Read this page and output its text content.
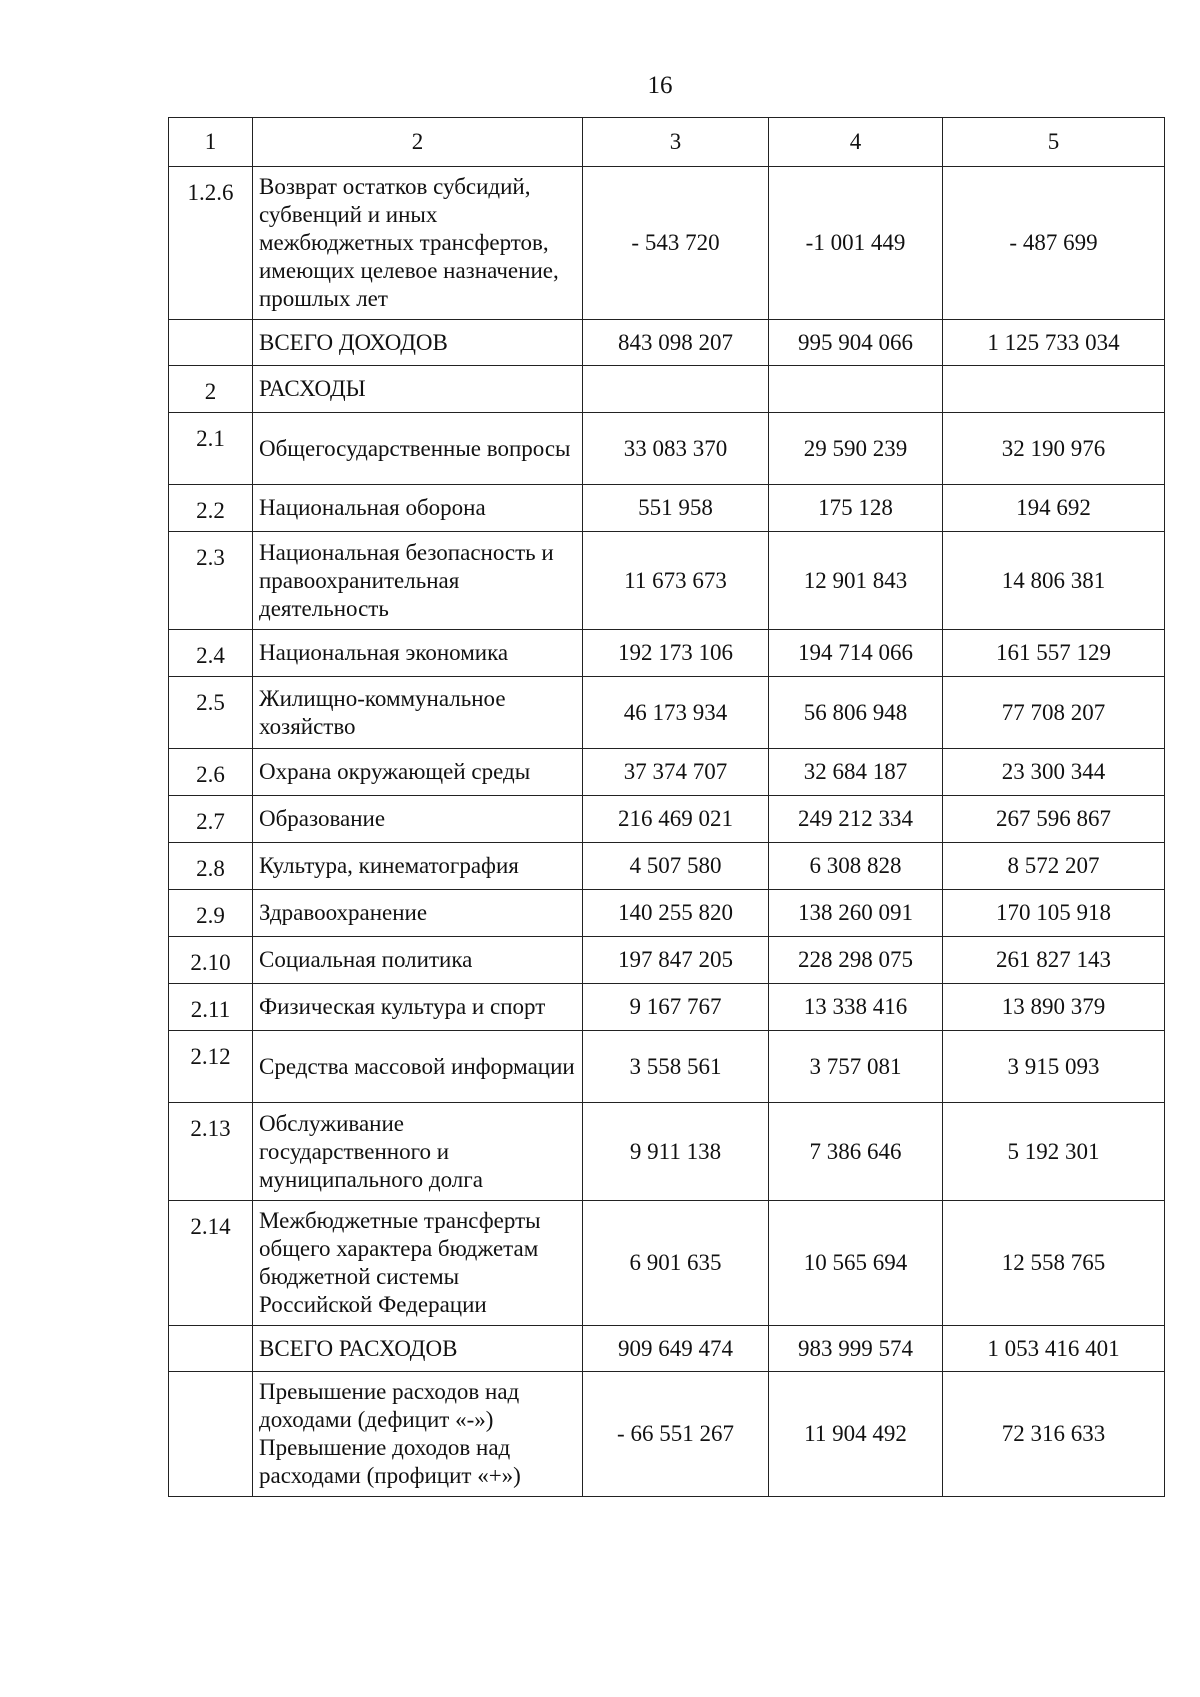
16
1	2	3	4	5
1.2.6	Возврат остатков субсидий, субвенций и иных межбюджетных трансфертов, имеющих целевое назначение, прошлых лет	- 543 720	-1 001 449	- 487 699
	ВСЕГО ДОХОДОВ	843 098 207	995 904 066	1 125 733 034
2	РАСХОДЫ			
2.1	Общегосударственные вопросы	33 083 370	29 590 239	32 190 976
2.2	Национальная оборона	551 958	175 128	194 692
2.3	Национальная безопасность и правоохранительная деятельность	11 673 673	12 901 843	14 806 381
2.4	Национальная экономика	192 173 106	194 714 066	161 557 129
2.5	Жилищно-коммунальное хозяйство	46 173 934	56 806 948	77 708 207
2.6	Охрана окружающей среды	37 374 707	32 684 187	23 300 344
2.7	Образование	216 469 021	249 212 334	267 596 867
2.8	Культура, кинематография	4 507 580	6 308 828	8 572 207
2.9	Здравоохранение	140 255 820	138 260 091	170 105 918
2.10	Социальная политика	197 847 205	228 298 075	261 827 143
2.11	Физическая культура и спорт	9 167 767	13 338 416	13 890 379
2.12	Средства массовой информации	3 558 561	3 757 081	3 915 093
2.13	Обслуживание государственного и муниципального долга	9 911 138	7 386 646	5 192 301
2.14	Межбюджетные трансферты общего характера бюджетам бюджетной системы Российской Федерации	6 901 635	10 565 694	12 558 765
	ВСЕГО РАСХОДОВ	909 649 474	983 999 574	1 053 416 401
	Превышение расходов над доходами (дефицит «-») Превышение доходов над расходами (профицит «+»)	- 66 551 267	11 904 492	72 316 633
